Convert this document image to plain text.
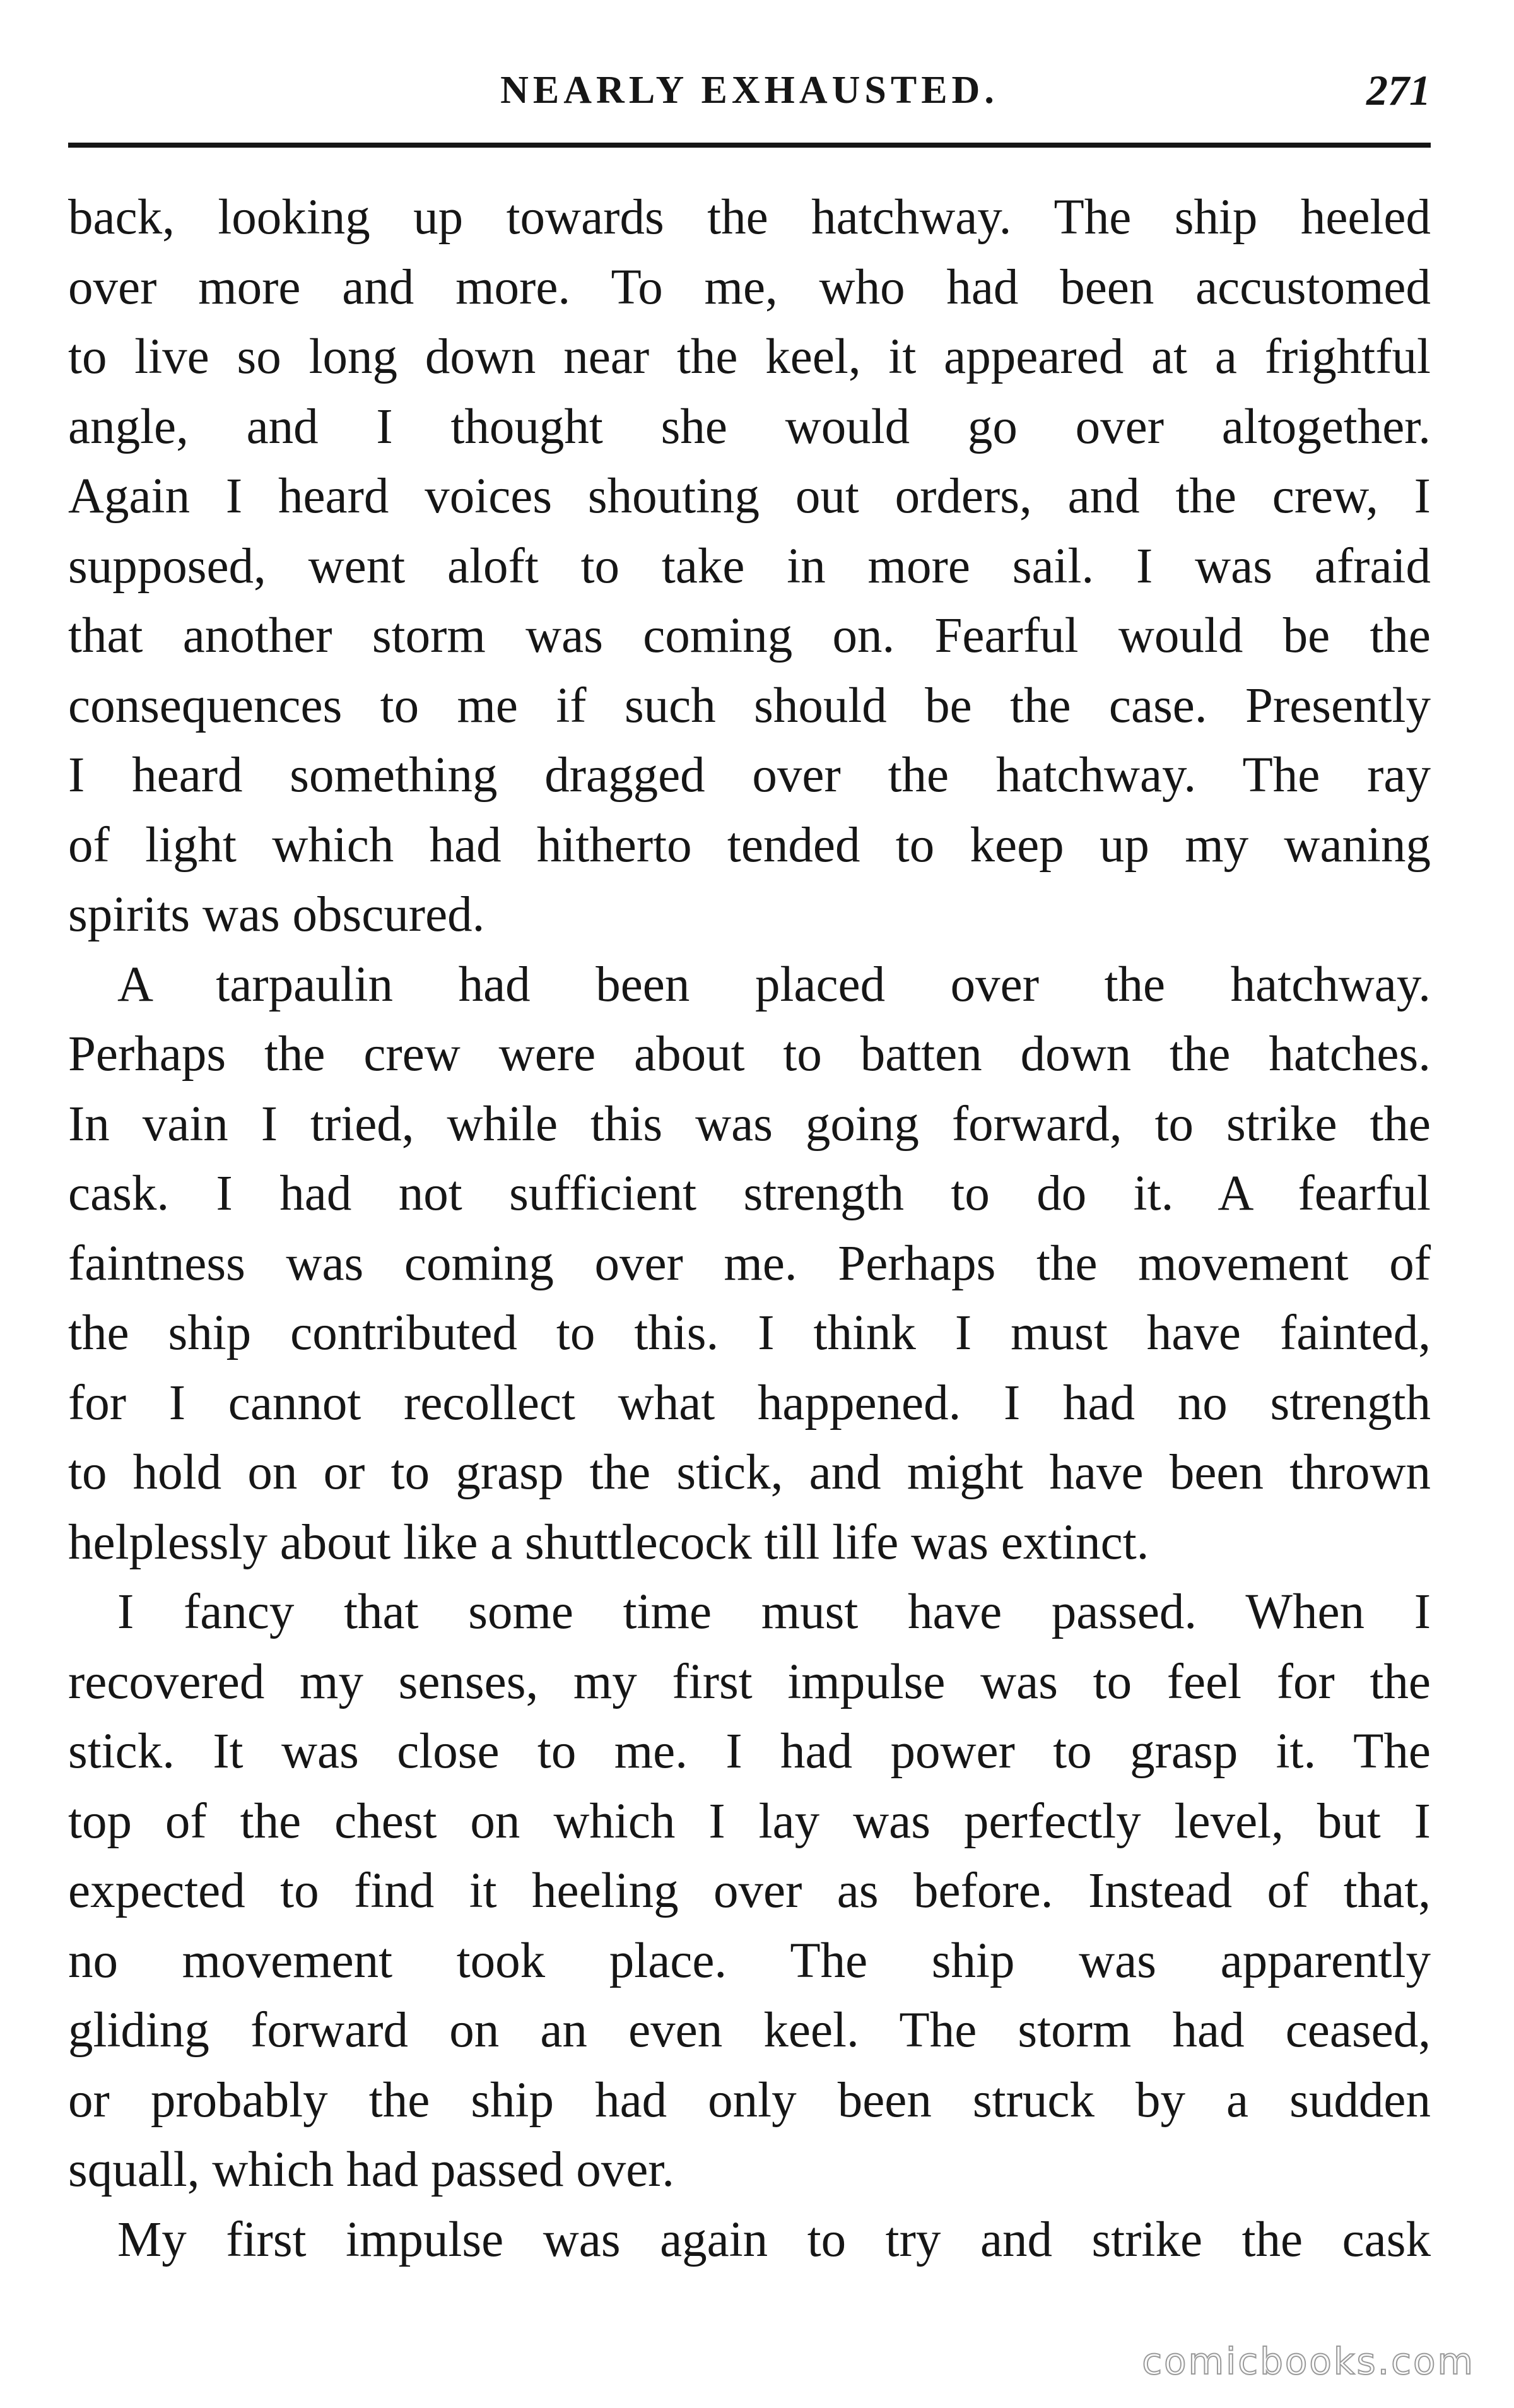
NEARLY EXHAUSTED.	271
back, looking up towards the hatchway. The ship heeled
over more and more. To me, who had been accustomed
to live so long down near the keel, it appeared at a frightful
angle, and I thought she would go over altogether.
Again I heard voices shouting out orders, and the crew, I
supposed, went aloft to take in more sail. I was afraid
that another storm was coming on. Fearful would be the
consequences to me if such should be the case. Presently
I heard something dragged over the hatchway. The ray
of light which had hitherto tended to keep up my waning
spirits was obscured.
A tarpaulin had been placed over the hatchway.
Perhaps the crew were about to batten down the hatches.
In vain I tried, while this was going forward, to strike the
cask. I had not sufficient strength to do it. A fearful
faintness was coming over me. Perhaps the movement of
the ship contributed to this. I think I must have fainted,
for I cannot recollect what happened. I had no strength
to hold on or to grasp the stick, and might have been thrown
helplessly about like a shuttlecock till life was extinct.
I fancy that some time must have passed. When I
recovered my senses, my first impulse was to feel for the
stick. It was close to me. I had power to grasp it. The
top of the chest on which I lay was perfectly level, but I
expected to find it heeling over as before. Instead of that,
no movement took place. The ship was apparently
gliding forward on an even keel. The storm had ceased,
or probably the ship had only been struck by a sudden
squall, which had passed over.
My first impulse was again to try and strike the cask
comicbooks.com
